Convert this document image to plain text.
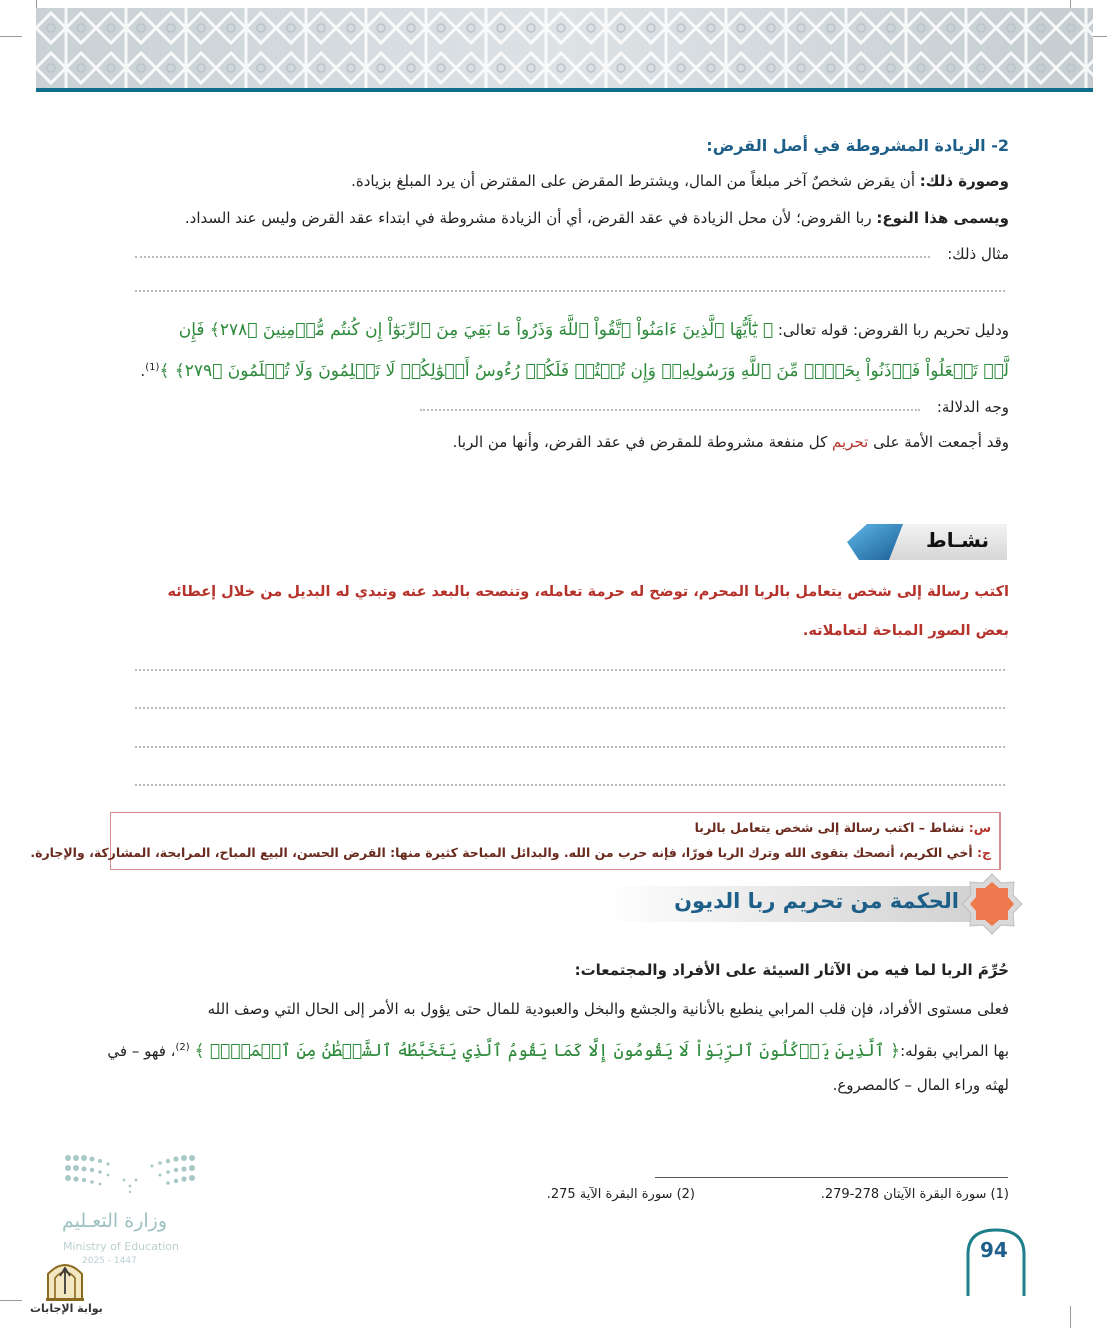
2- الزيادة المشروطة في أصل القرض:
وصورة ذلك: أن يقرض شخصٌ آخر مبلغاً من المال، ويشترط المقرض على المقترض أن يرد المبلغ بزيادة.
ويسمى هذا النوع: ربا القروض؛ لأن محل الزيادة في عقد القرض، أي أن الزيادة مشروطة في ابتداء عقد القرض وليس عند السداد.
مثال ذلك:
ودليل تحريم ربا القروض: قوله تعالى: ﴿ يَٰٓأَيُّهَا ٱلَّذِينَ ءَامَنُواْ ٱتَّقُواْ ٱللَّهَ وَذَرُواْ مَا بَقِيَ مِنَ ٱلرِّبَوٰٓاْ إِن كُنتُم مُّؤۡمِنِينَ ﴿٢٧٨﴾ فَإِن
لَّمۡ تَفۡعَلُواْ فَأۡذَنُواْ بِحَرۡبٖ مِّنَ ٱللَّهِ وَرَسُولِهِۦۖ وَإِن تُبۡتُمۡ فَلَكُمۡ رُءُوسُ أَمۡوَٰلِكُمۡ لَا تَظۡلِمُونَ وَلَا تُظۡلَمُونَ ﴿٢٧٩﴾ ﴾$^{(1)}$.
وجه الدلالة:
وقد أجمعت الأمة على تحريم كل منفعة مشروطة للمقرض في عقد القرض، وأنها من الربا.
نشـاط
اكتب رسالة إلى شخص يتعامل بالربا المحرم، توضح له حرمة تعامله، وتنصحه بالبعد عنه وتبدي له البديل من خلال إعطائه
بعض الصور المباحة لتعاملاته.
س: نشاط – اكتب رسالة إلى شخص يتعامل بالربا
ج: أخي الكريم، أنصحك بتقوى الله وترك الربا فورًا، فإنه حرب من الله. والبدائل المباحة كثيرة منها: القرض الحسن، البيع المباح، المرابحة، المشاركة، والإجارة.
الحكمة من تحريم ربا الديون
حُرِّمَ الربا لما فيه من الآثار السيئة على الأفراد والمجتمعات:
فعلى مستوى الأفراد، فإن قلب المرابي ينطبع بالأنانية والجشع والبخل والعبودية للمال حتى يؤول به الأمر إلى الحال التي وصف الله
بها المرابي بقوله:﴿ ٱلَّذِينَ يَأۡكُلُونَ ٱلرِّبَوٰاْ لَا يَقُومُونَ إِلَّا كَمَا يَقُومُ ٱلَّذِي يَتَخَبَّطُهُ ٱلشَّيۡطَٰنُ مِنَ ٱلۡمَسِّۚ ﴾ $^{(2)}$، فهو – في
لهثه وراء المال – كالمصروع.
(1) سورة البقرة الآيتان 278-279.
(2) سورة البقرة الآية 275.
94
وزارة التعـليم
Ministry of Education
2025 - 1447
بوابة الإجابات
